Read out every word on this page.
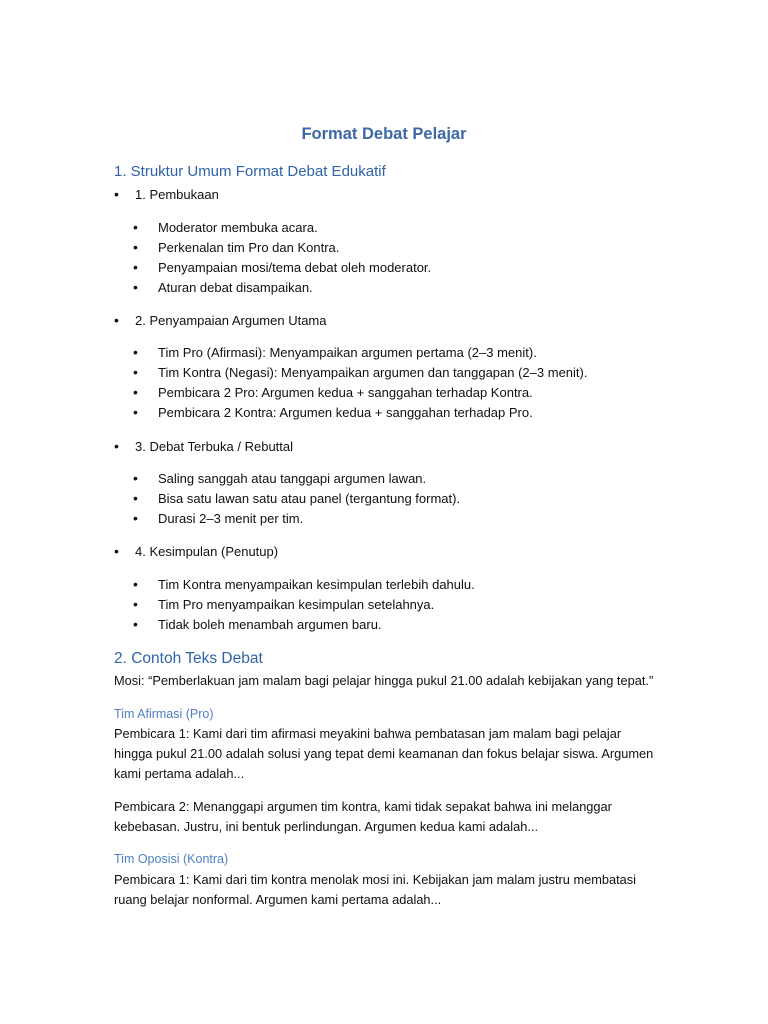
Format Debat Pelajar
1. Struktur Umum Format Debat Edukatif
•	1. Pembukaan
•	Moderator membuka acara.
•	Perkenalan tim Pro dan Kontra.
•	Penyampaian mosi/tema debat oleh moderator.
•	Aturan debat disampaikan.
•	2. Penyampaian Argumen Utama
•	Tim Pro (Afirmasi): Menyampaikan argumen pertama (2–3 menit).
•	Tim Kontra (Negasi): Menyampaikan argumen dan tanggapan (2–3 menit).
•	Pembicara 2 Pro: Argumen kedua + sanggahan terhadap Kontra.
•	Pembicara 2 Kontra: Argumen kedua + sanggahan terhadap Pro.
•	3. Debat Terbuka / Rebuttal
•	Saling sanggah atau tanggapi argumen lawan.
•	Bisa satu lawan satu atau panel (tergantung format).
•	Durasi 2–3 menit per tim.
•	4. Kesimpulan (Penutup)
•	Tim Kontra menyampaikan kesimpulan terlebih dahulu.
•	Tim Pro menyampaikan kesimpulan setelahnya.
•	Tidak boleh menambah argumen baru.
2. Contoh Teks Debat

Mosi: “Pemberlakuan jam malam bagi pelajar hingga pukul 21.00 adalah kebijakan yang tepat.”

Tim Afirmasi (Pro)

Pembicara 1: Kami dari tim afirmasi meyakini bahwa pembatasan jam malam bagi pelajar hingga pukul 21.00 adalah solusi yang tepat demi keamanan dan fokus belajar siswa. Argumen kami pertama adalah...

Pembicara 2: Menanggapi argumen tim kontra, kami tidak sepakat bahwa ini melanggar kebebasan. Justru, ini bentuk perlindungan. Argumen kedua kami adalah...

Tim Oposisi (Kontra)

Pembicara 1: Kami dari tim kontra menolak mosi ini. Kebijakan jam malam justru membatasi ruang belajar nonformal. Argumen kami pertama adalah...
